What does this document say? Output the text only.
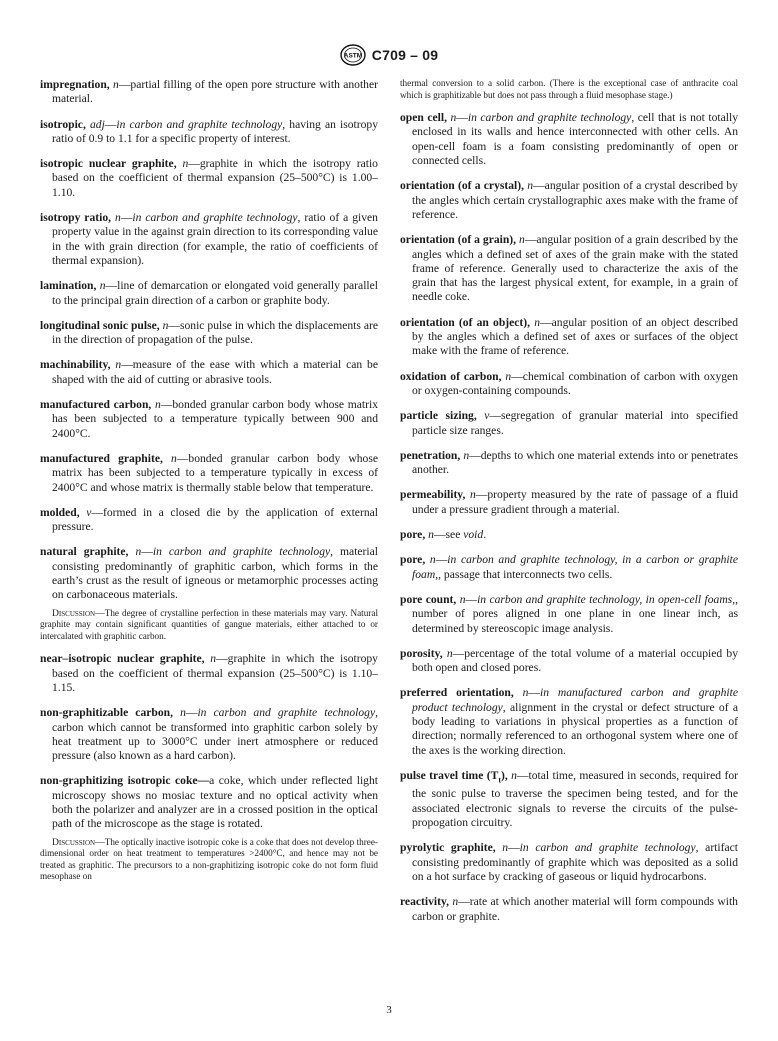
ASTM C709 – 09

impregnation, n—partial filling of the open pore structure with another material.

isotropic, adj—in carbon and graphite technology, having an isotropy ratio of 0.9 to 1.1 for a specific property of interest.

isotropic nuclear graphite, n—graphite in which the isotropy ratio based on the coefficient of thermal expansion (25–500°C) is 1.00–1.10.

isotropy ratio, n—in carbon and graphite technology, ratio of a given property value in the against grain direction to its corresponding value in the with grain direction (for example, the ratio of coefficients of thermal expansion).

lamination, n—line of demarcation or elongated void generally parallel to the principal grain direction of a carbon or graphite body.

longitudinal sonic pulse, n—sonic pulse in which the displacements are in the direction of propagation of the pulse.

machinability, n—measure of the ease with which a material can be shaped with the aid of cutting or abrasive tools.

manufactured carbon, n—bonded granular carbon body whose matrix has been subjected to a temperature typically between 900 and 2400°C.

manufactured graphite, n—bonded granular carbon body whose matrix has been subjected to a temperature typically in excess of 2400°C and whose matrix is thermally stable below that temperature.

molded, v—formed in a closed die by the application of external pressure.

natural graphite, n—in carbon and graphite technology, material consisting predominantly of graphitic carbon, which forms in the earth’s crust as the result of igneous or metamorphic processes acting on carbonaceous materials.

Discussion—The degree of crystalline perfection in these materials may vary. Natural graphite may contain significant quantities of gangue materials, either attached to or intercalated with graphitic carbon.

near–isotropic nuclear graphite, n—graphite in which the isotropy based on the coefficient of thermal expansion (25–500°C) is 1.10–1.15.

non-graphitizable carbon, n—in carbon and graphite technology, carbon which cannot be transformed into graphitic carbon solely by heat treatment up to 3000°C under inert atmosphere or reduced pressure (also known as a hard carbon).

non-graphitizing isotropic coke—a coke, which under reflected light microscopy shows no mosiac texture and no optical activity when both the polarizer and analyzer are in a crossed position in the optical path of the microscope as the stage is rotated.

Discussion—The optically inactive isotropic coke is a coke that does not develop three-dimensional order on heat treatment to temperatures >2400°C, and hence may not be treated as graphitic. The precursors to a non-graphitizing isotropic coke do not form fluid mesophase on

thermal conversion to a solid carbon. (There is the exceptional case of anthracite coal which is graphitizable but does not pass through a fluid mesophase stage.)

open cell, n—in carbon and graphite technology, cell that is not totally enclosed in its walls and hence interconnected with other cells. An open-cell foam is a foam consisting predominantly of open or connected cells.

orientation (of a crystal), n—angular position of a crystal described by the angles which certain crystallographic axes make with the frame of reference.

orientation (of a grain), n—angular position of a grain described by the angles which a defined set of axes of the grain make with the stated frame of reference. Generally used to characterize the axis of the grain that has the largest physical extent, for example, in a grain of needle coke.

orientation (of an object), n—angular position of an object described by the angles which a defined set of axes or surfaces of the object make with the frame of reference.

oxidation of carbon, n—chemical combination of carbon with oxygen or oxygen-containing compounds.

particle sizing, v—segregation of granular material into specified particle size ranges.

penetration, n—depths to which one material extends into or penetrates another.

permeability, n—property measured by the rate of passage of a fluid under a pressure gradient through a material.

pore, n—see void.

pore, n—in carbon and graphite technology, in a carbon or graphite foam,, passage that interconnects two cells.

pore count, n—in carbon and graphite technology, in open-cell foams,, number of pores aligned in one plane in one linear inch, as determined by stereoscopic image analysis.

porosity, n—percentage of the total volume of a material occupied by both open and closed pores.

preferred orientation, n—in manufactured carbon and graphite product technology, alignment in the crystal or defect structure of a body leading to variations in physical properties as a function of direction; normally referenced to an orthogonal system where one of the axes is the working direction.

pulse travel time $(T_t)$, n—total time, measured in seconds, required for the sonic pulse to traverse the specimen being tested, and for the associated electronic signals to reverse the circuits of the pulse-propogation circuitry.

pyrolytic graphite, n—in carbon and graphite technology, artifact consisting predominantly of graphite which was deposited as a solid on a hot surface by cracking of gaseous or liquid hydrocarbons.

reactivity, n—rate at which another material will form compounds with carbon or graphite.

3
